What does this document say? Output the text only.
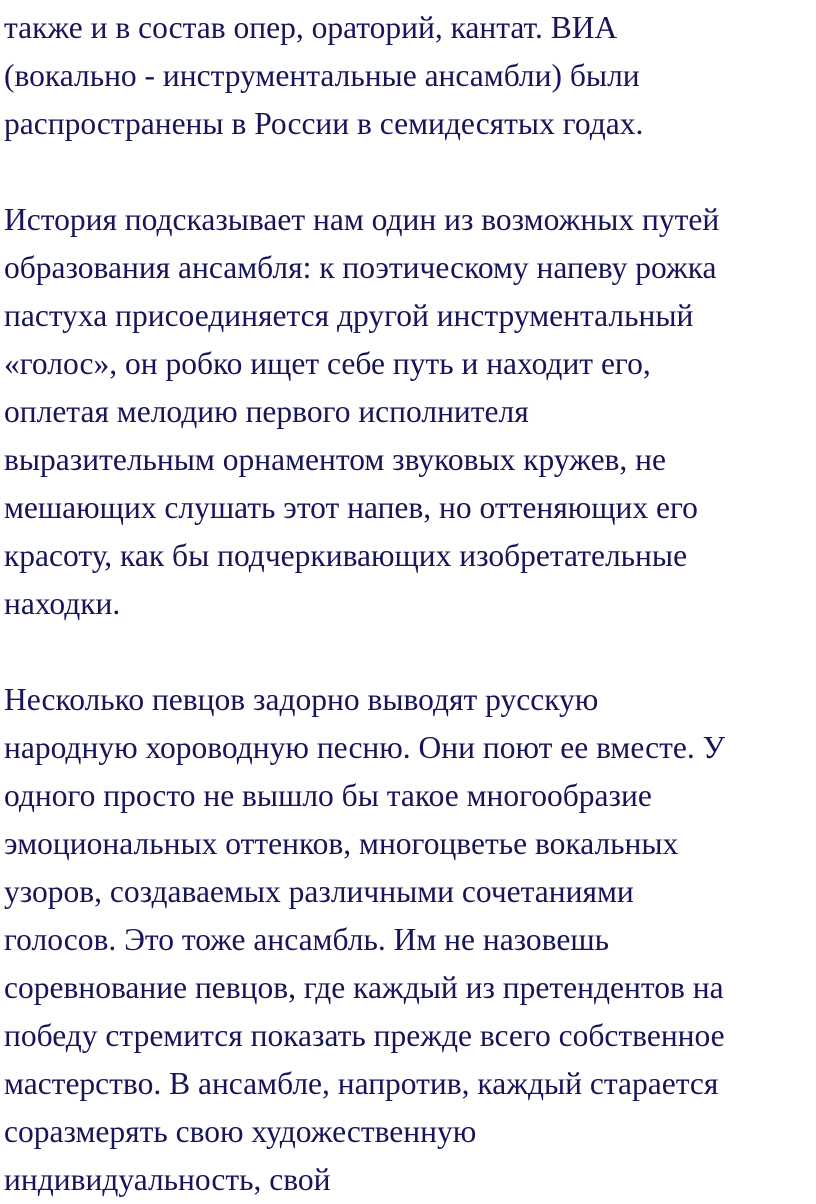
также и в состав опер, ораторий, кантат. ВИА
(вокально - инструментальные ансамбли) были
распространены в России в семидесятых годах.
История подсказывает нам один из возможных путей
образования ансамбля: к поэтическому напеву рожка
пастуха присоединяется другой инструментальный
«голос», он робко ищет себе путь и находит его,
оплетая мелодию первого исполнителя
выразительным орнаментом звуковых кружев, не
мешающих слушать этот напев, но оттеняющих его
красоту, как бы подчеркивающих изобретательные
находки.
Несколько певцов задорно выводят русскую
народную хороводную песню. Они поют ее вместе. У
одного просто не вышло бы такое многообразие
эмоциональных оттенков, многоцветье вокальных
узоров, создаваемых различными сочетаниями
голосов. Это тоже ансамбль. Им не назовешь
соревнование певцов, где каждый из претендентов на
победу стремится показать прежде всего собственное
мастерство. В ансамбле, напротив, каждый старается
соразмерять свою художественную
индивидуальность, свой
